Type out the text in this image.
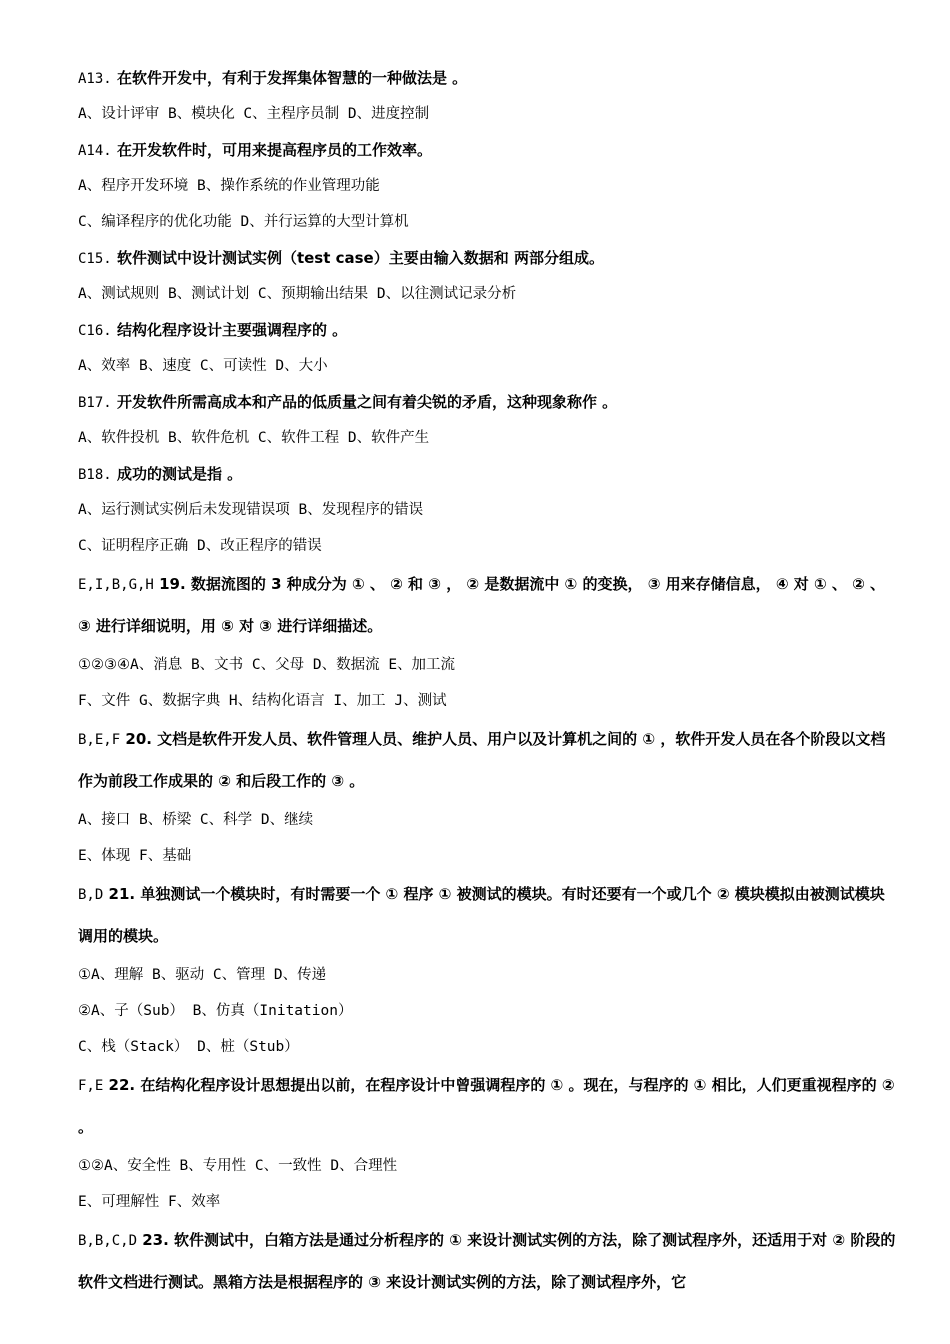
A13. 在软件开发中，有利于发挥集体智慧的一种做法是 。
A、设计评审 B、模块化 C、主程序员制 D、进度控制
A14. 在开发软件时，可用来提高程序员的工作效率。
A、程序开发环境 B、操作系统的作业管理功能
C、编译程序的优化功能 D、并行运算的大型计算机
C15. 软件测试中设计测试实例（test case）主要由输入数据和 两部分组成。
A、测试规则 B、测试计划 C、预期输出结果 D、以往测试记录分析
C16. 结构化程序设计主要强调程序的 。
A、效率 B、速度 C、可读性 D、大小
B17. 开发软件所需高成本和产品的低质量之间有着尖锐的矛盾，这种现象称作 。
A、软件投机 B、软件危机 C、软件工程 D、软件产生
B18. 成功的测试是指 。
A、运行测试实例后未发现错误项 B、发现程序的错误
C、证明程序正确 D、改正程序的错误
E,I,B,G,H 19. 数据流图的 3 种成分为 ① 、 ② 和 ③ ， ② 是数据流中 ① 的变换， ③ 用来存储信息， ④ 对 ① 、 ② 、 ③ 进行详细说明，用 ⑤ 对 ③ 进行详细描述。
①②③④A、消息 B、文书 C、父母 D、数据流 E、加工流
F、文件 G、数据字典 H、结构化语言 I、加工 J、测试
B,E,F 20. 文档是软件开发人员、软件管理人员、维护人员、用户以及计算机之间的 ① ，软件开发人员在各个阶段以文档作为前段工作成果的 ② 和后段工作的 ③ 。
A、接口 B、桥梁 C、科学 D、继续
E、体现 F、基础
B,D 21. 单独测试一个模块时，有时需要一个 ① 程序 ① 被测试的模块。有时还要有一个或几个 ② 模块模拟由被测试模块调用的模块。
①A、理解 B、驱动 C、管理 D、传递
②A、子（Sub） B、仿真（Initation）
C、栈（Stack） D、桩（Stub）
F,E 22. 在结构化程序设计思想提出以前，在程序设计中曾强调程序的 ① 。现在，与程序的 ① 相比，人们更重视程序的 ② 。
①②A、安全性 B、专用性 C、一致性 D、合理性
E、可理解性 F、效率
B,B,C,D 23. 软件测试中，白箱方法是通过分析程序的 ① 来设计测试实例的方法，除了测试程序外，还适用于对 ② 阶段的软件文档进行测试。黑箱方法是根据程序的 ③ 来设计测试实例的方法，除了测试程序外，它
